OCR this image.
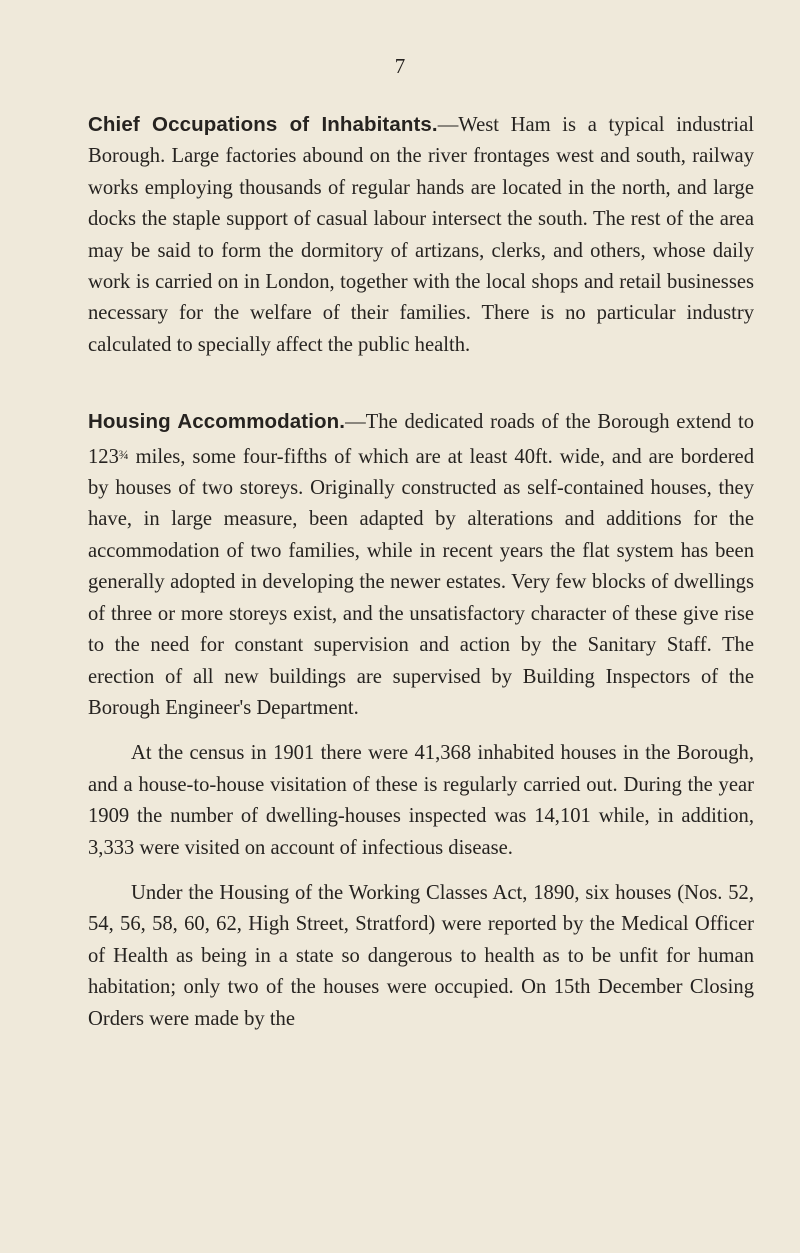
7

Chief Occupations of Inhabitants.—West Ham is a typical industrial Borough. Large factories abound on the river frontages west and south, railway works employing thousands of regular hands are located in the north, and large docks the staple support of casual labour intersect the south. The rest of the area may be said to form the dormitory of artizans, clerks, and others, whose daily work is carried on in London, together with the local shops and retail businesses necessary for the welfare of their families. There is no particular industry calculated to specially affect the public health.

Housing Accommodation.—The dedicated roads of the Borough extend to 123¾ miles, some four-fifths of which are at least 40ft. wide, and are bordered by houses of two storeys. Originally constructed as self-contained houses, they have, in large measure, been adapted by alterations and additions for the accommodation of two families, while in recent years the flat system has been generally adopted in developing the newer estates. Very few blocks of dwellings of three or more storeys exist, and the unsatisfactory character of these give rise to the need for constant supervision and action by the Sanitary Staff. The erection of all new buildings are supervised by Building Inspectors of the Borough Engineer's Department.

At the census in 1901 there were 41,368 inhabited houses in the Borough, and a house-to-house visitation of these is regularly carried out. During the year 1909 the number of dwelling-houses inspected was 14,101 while, in addition, 3,333 were visited on account of infectious disease.

Under the Housing of the Working Classes Act, 1890, six houses (Nos. 52, 54, 56, 58, 60, 62, High Street, Stratford) were reported by the Medical Officer of Health as being in a state so dangerous to health as to be unfit for human habitation; only two of the houses were occupied. On 15th December Closing Orders were made by the
